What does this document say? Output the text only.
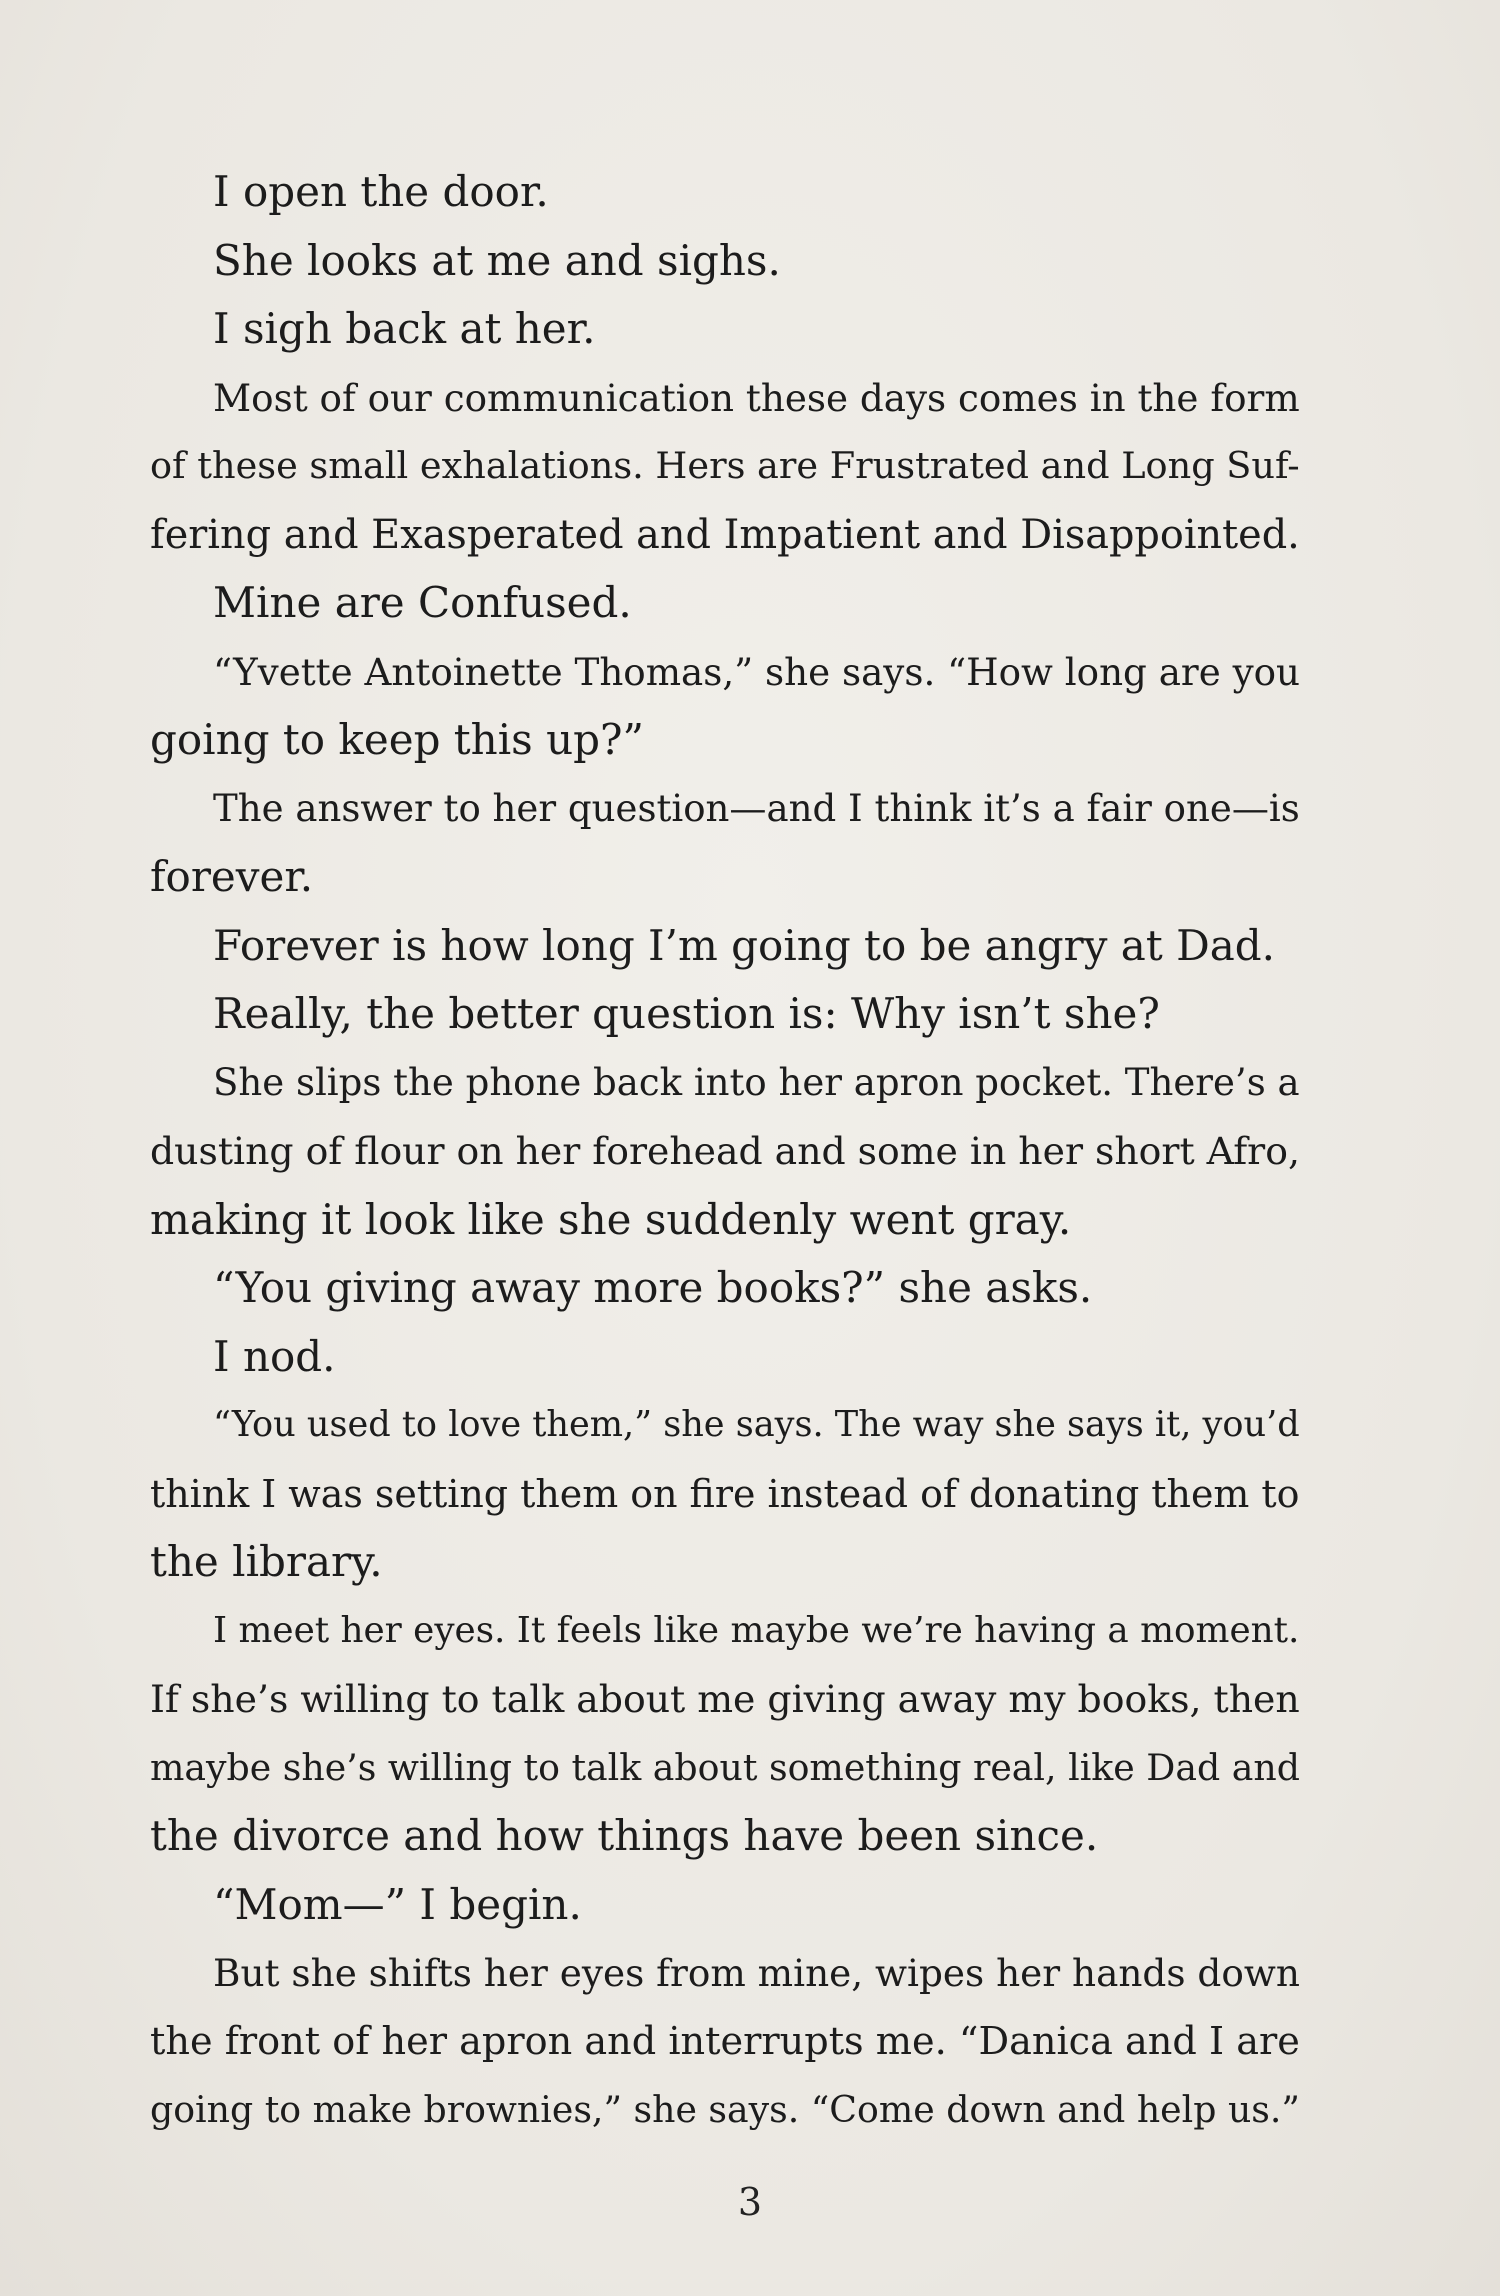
I open the door.
She looks at me and sighs.
I sigh back at her.
Most of our communication these days comes in the form
of these small exhalations. Hers are Frustrated and Long Suf-
fering and Exasperated and Impatient and Disappointed.
Mine are Confused.
“Yvette Antoinette Thomas,” she says. “How long are you
going to keep this up?”
The answer to her question—and I think it’s a fair one—is
forever.
Forever is how long I’m going to be angry at Dad.
Really, the better question is: Why isn’t she?
She slips the phone back into her apron pocket. There’s a
dusting of flour on her forehead and some in her short Afro,
making it look like she suddenly went gray.
“You giving away more books?” she asks.
I nod.
“You used to love them,” she says. The way she says it, you’d
think I was setting them on fire instead of donating them to
the library.
I meet her eyes. It feels like maybe we’re having a moment.
If she’s willing to talk about me giving away my books, then
maybe she’s willing to talk about something real, like Dad and
the divorce and how things have been since.
“Mom—” I begin.
But she shifts her eyes from mine, wipes her hands down
the front of her apron and interrupts me. “Danica and I are
going to make brownies,” she says. “Come down and help us.”
3
